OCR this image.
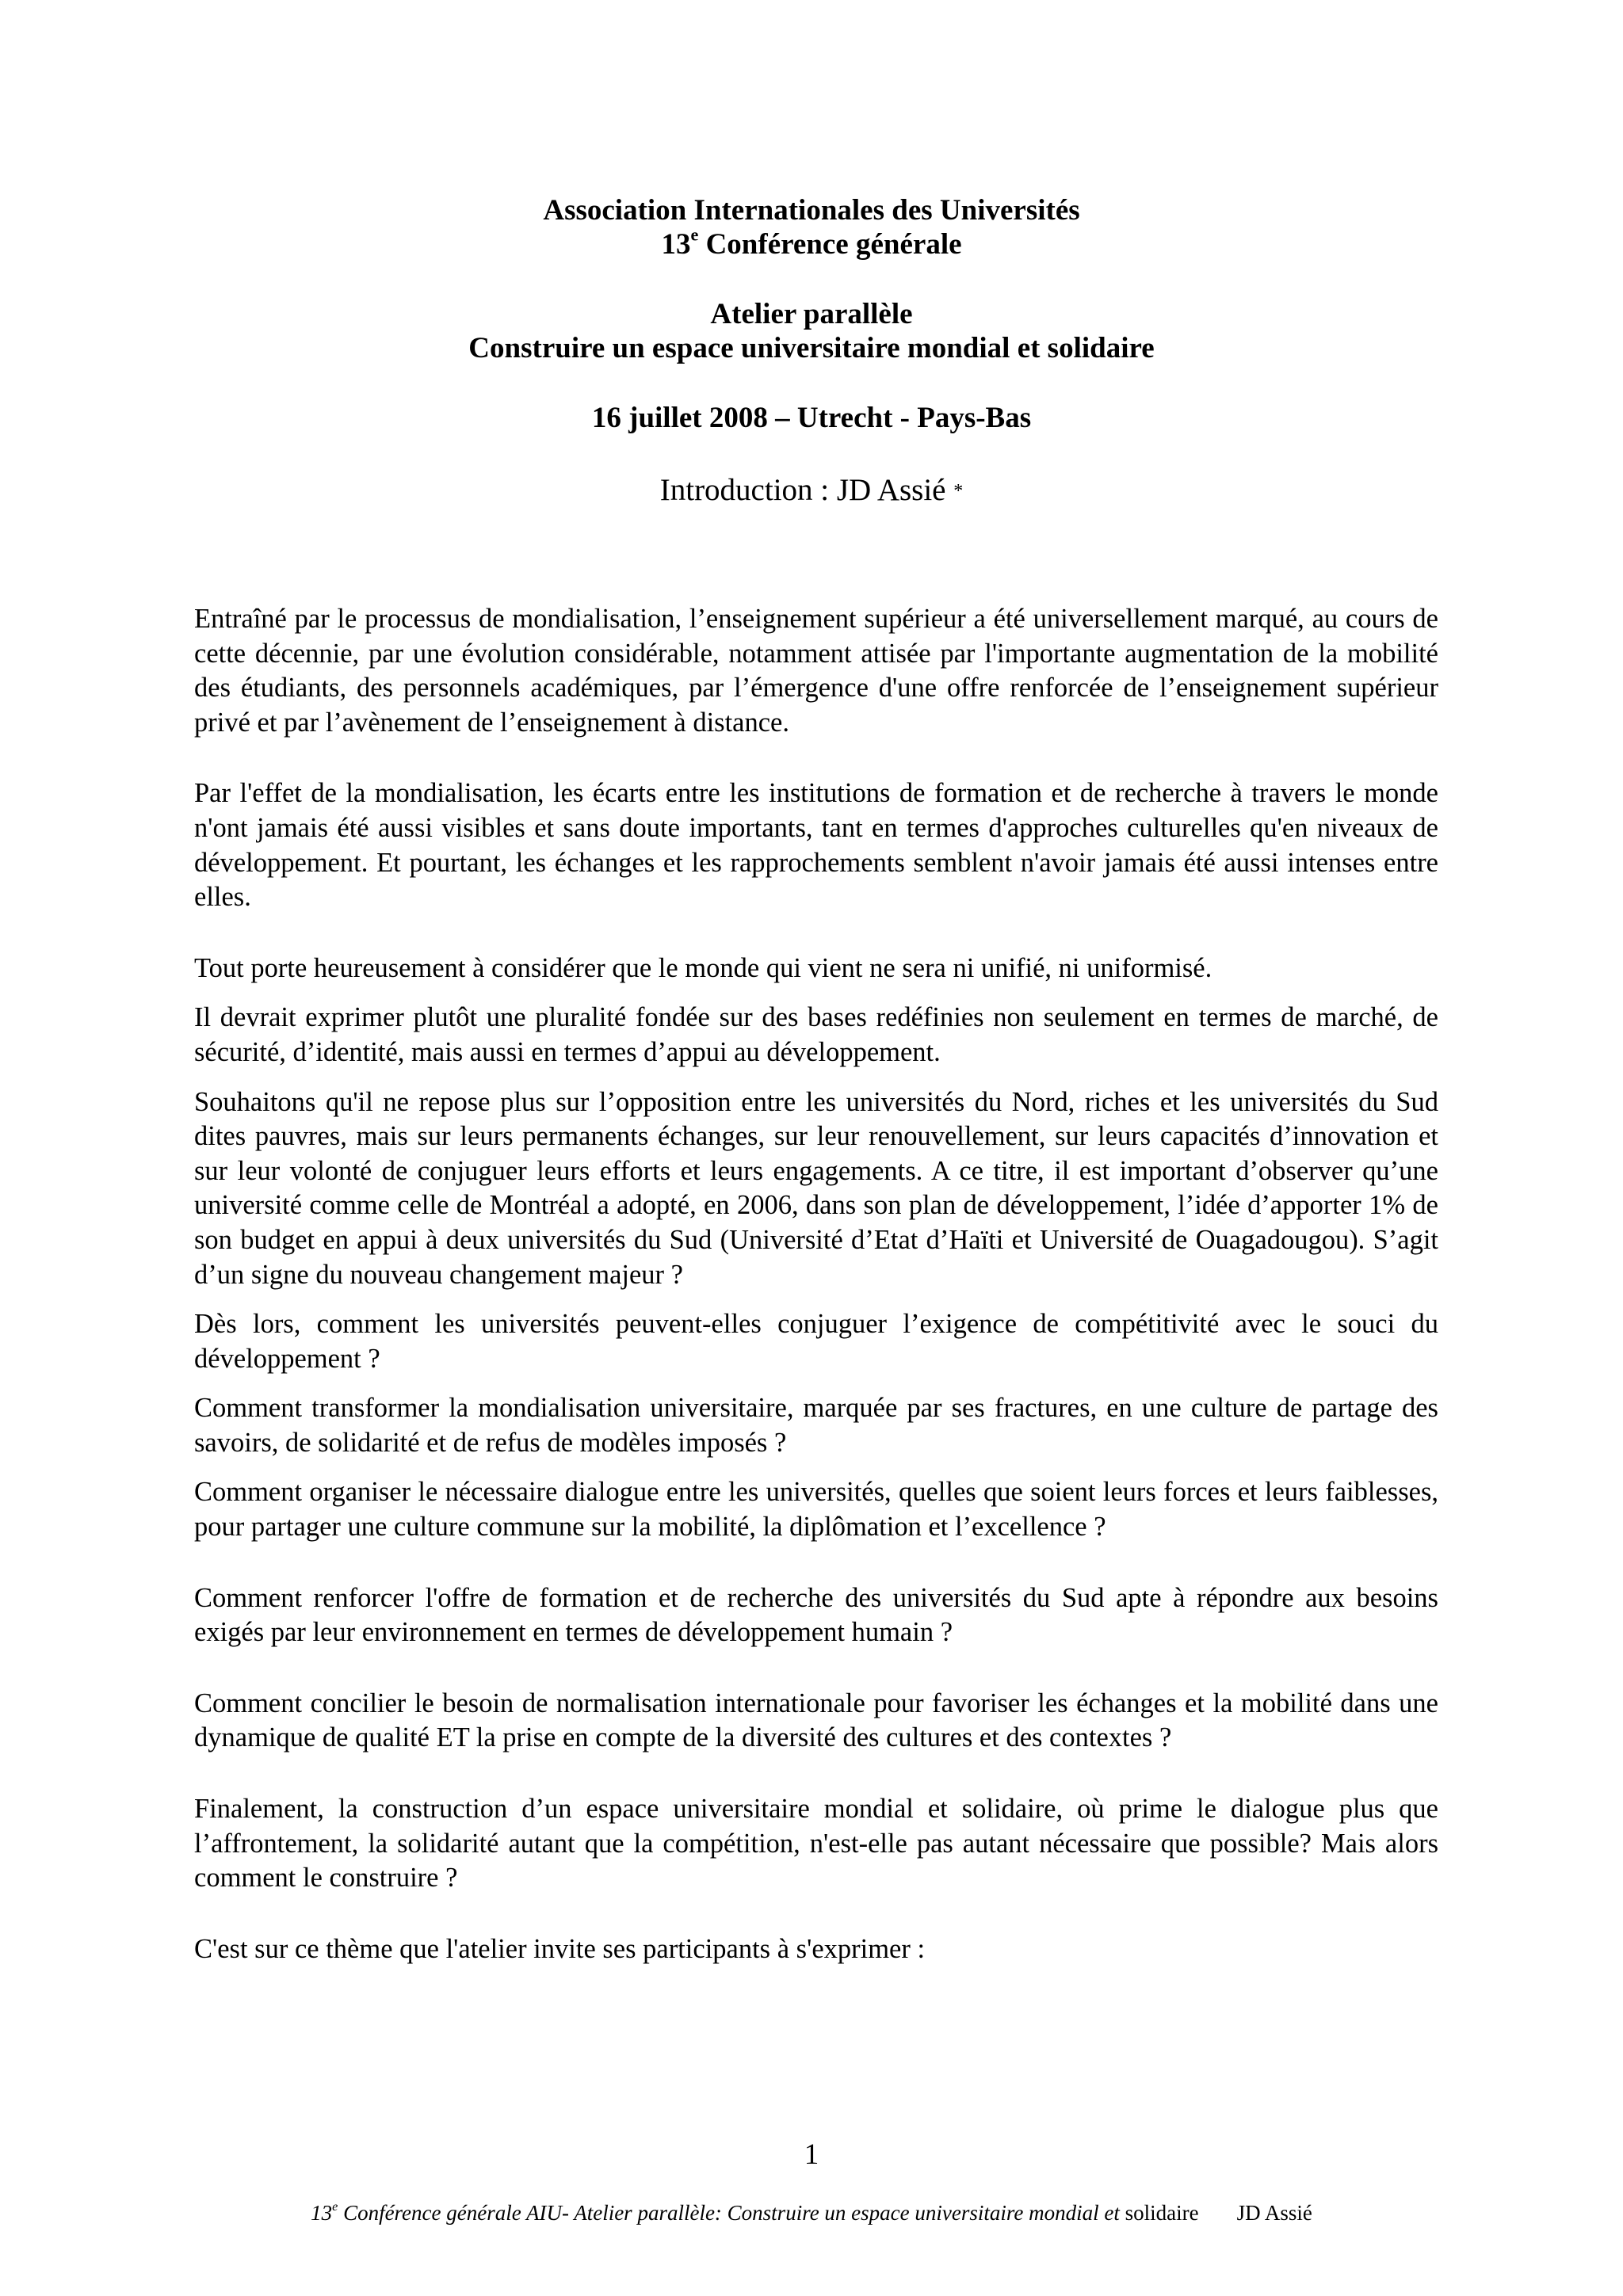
Association Internationales des Universités
13e Conférence générale
Atelier parallèle
Construire un espace universitaire mondial et solidaire
16 juillet 2008 – Utrecht - Pays-Bas
Introduction : JD Assié *

Entraîné par le processus de mondialisation, l’enseignement supérieur a été universellement marqué, au cours de cette décennie, par une évolution considérable, notamment attisée par l'importante augmentation de la mobilité des étudiants, des personnels académiques, par l’émergence d'une offre renforcée de l’enseignement supérieur privé et par l’avènement de l’enseignement à distance.

Par l'effet de la mondialisation, les écarts entre les institutions de formation et de recherche à travers le monde n'ont jamais été aussi visibles et sans doute importants, tant en termes d'approches culturelles qu'en niveaux de développement. Et pourtant, les échanges et les rapprochements semblent n'avoir jamais été aussi intenses entre elles.

Tout porte heureusement à considérer que le monde qui vient ne sera ni unifié, ni uniformisé.

Il devrait exprimer plutôt une pluralité fondée sur des bases redéfinies non seulement en termes de marché, de sécurité, d’identité, mais aussi en termes d’appui au développement.

Souhaitons qu'il ne repose plus sur l’opposition entre les universités du Nord, riches et les universités du Sud dites pauvres, mais sur leurs permanents échanges, sur leur renouvellement, sur leurs capacités d’innovation et sur leur volonté de conjuguer leurs efforts et leurs engagements. A ce titre, il est important d’observer qu’une université comme celle de Montréal a adopté, en 2006, dans son plan de développement, l’idée d’apporter 1% de son budget en appui à deux universités du Sud (Université d’Etat d’Haïti et Université de Ouagadougou). S’agit d’un signe du nouveau changement majeur ?

Dès lors, comment les universités peuvent-elles conjuguer l’exigence de compétitivité avec le souci du développement ?

Comment transformer la mondialisation universitaire, marquée par ses fractures, en une culture de partage des savoirs, de solidarité et de refus de modèles imposés ?

Comment organiser le nécessaire dialogue entre les universités, quelles que soient leurs forces et leurs faiblesses, pour partager une culture commune sur la mobilité, la diplômation et l’excellence ?

Comment renforcer l'offre de formation et de recherche des universités du Sud apte à répondre aux besoins exigés par leur environnement en termes de développement humain ?

Comment concilier le besoin de normalisation internationale pour favoriser les échanges et la mobilité dans une dynamique de qualité ET la prise en compte de la diversité des cultures et des contextes ?

Finalement, la construction d’un espace universitaire mondial et solidaire, où prime le dialogue plus que l’affrontement, la solidarité autant que la compétition, n'est-elle pas autant nécessaire que possible? Mais alors comment le construire ?

C'est sur ce thème que l'atelier invite ses participants à s'exprimer :

1
13e Conférence générale AIU- Atelier parallèle: Construire un espace universitaire mondial et solidaire JD Assié
